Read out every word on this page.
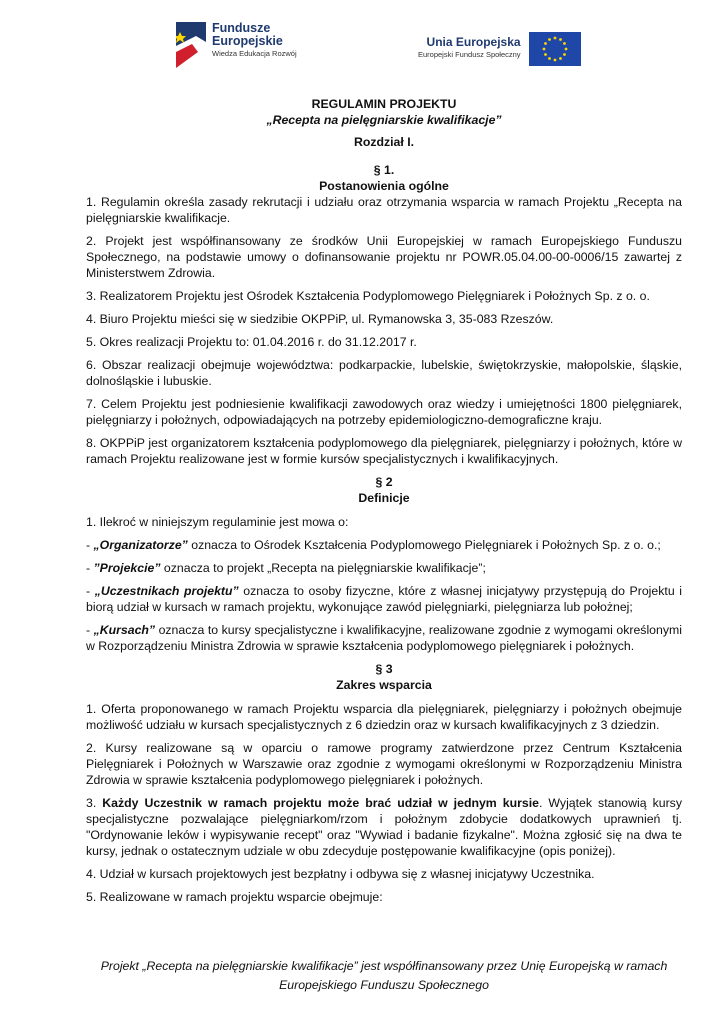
Fundusze
Europejskie
Wiedza Edukacja Rozwój
Unia Europejska
Europejski Fundusz Społeczny
REGULAMIN PROJEKTU
„Recepta na pielęgniarskie kwalifikacje”
Rozdział I.
§ 1.
Postanowienia ogólne

1. Regulamin określa zasady rekrutacji i udziału oraz otrzymania wsparcia w ramach Projektu „Recepta na pielęgniarskie kwalifikacje.

2. Projekt jest współfinansowany ze środków Unii Europejskiej w ramach Europejskiego Funduszu Społecznego, na podstawie umowy o dofinansowanie projektu nr POWR.05.04.00-00-0006/15 zawartej z Ministerstwem Zdrowia.

3. Realizatorem Projektu jest Ośrodek Kształcenia Podyplomowego Pielęgniarek i Położnych Sp. z o. o.

4. Biuro Projektu mieści się w siedzibie OKPPiP, ul. Rymanowska 3, 35-083 Rzeszów.

5. Okres realizacji Projektu to: 01.04.2016 r. do 31.12.2017 r.

6. Obszar realizacji obejmuje województwa: podkarpackie, lubelskie, świętokrzyskie, małopolskie, śląskie, dolnośląskie i lubuskie.

7. Celem Projektu jest podniesienie kwalifikacji zawodowych oraz wiedzy i umiejętności 1800 pielęgniarek, pielęgniarzy i położnych, odpowiadających na potrzeby epidemiologiczno-demograficzne kraju.

8. OKPPiP jest organizatorem kształcenia podyplomowego dla pielęgniarek, pielęgniarzy i położnych, które w ramach Projektu realizowane jest w formie kursów specjalistycznych i kwalifikacyjnych.

§ 2
Definicje

1. Ilekroć w niniejszym regulaminie jest mowa o:

- „Organizatorze” oznacza to Ośrodek Kształcenia Podyplomowego Pielęgniarek i Położnych Sp. z o. o.;

- ”Projekcie” oznacza to projekt „Recepta na pielęgniarskie kwalifikacje”;

- „Uczestnikach projektu” oznacza to osoby fizyczne, które z własnej inicjatywy przystępują do Projektu i biorą udział w kursach w ramach projektu, wykonujące zawód pielęgniarki, pielęgniarza lub położnej;

- „Kursach” oznacza to kursy specjalistyczne i kwalifikacyjne, realizowane zgodnie z wymogami określonymi w Rozporządzeniu Ministra Zdrowia w sprawie kształcenia podyplomowego pielęgniarek i położnych.

§ 3
Zakres wsparcia

1. Oferta proponowanego w ramach Projektu wsparcia dla pielęgniarek, pielęgniarzy i położnych obejmuje możliwość udziału w kursach specjalistycznych z 6 dziedzin oraz w kursach kwalifikacyjnych z 3 dziedzin.

2. Kursy realizowane są w oparciu o ramowe programy zatwierdzone przez Centrum Kształcenia Pielęgniarek i Położnych w Warszawie oraz zgodnie z wymogami określonymi w Rozporządzeniu Ministra Zdrowia w sprawie kształcenia podyplomowego pielęgniarek i położnych.

3. Każdy Uczestnik w ramach projektu może brać udział w jednym kursie. Wyjątek stanowią kursy specjalistyczne pozwalające pielęgniarkom/rzom i położnym zdobycie dodatkowych uprawnień tj. "Ordynowanie leków i wypisywanie recept" oraz "Wywiad i badanie fizykalne". Można zgłosić się na dwa te kursy, jednak o ostatecznym udziale w obu zdecyduje postępowanie kwalifikacyjne (opis poniżej).

4. Udział w kursach projektowych jest bezpłatny i odbywa się z własnej inicjatywy Uczestnika.

5. Realizowane w ramach projektu wsparcie obejmuje:

Projekt „Recepta na pielęgniarskie kwalifikacje” jest współfinansowany przez Unię Europejską w ramach
Europejskiego Funduszu Społecznego
